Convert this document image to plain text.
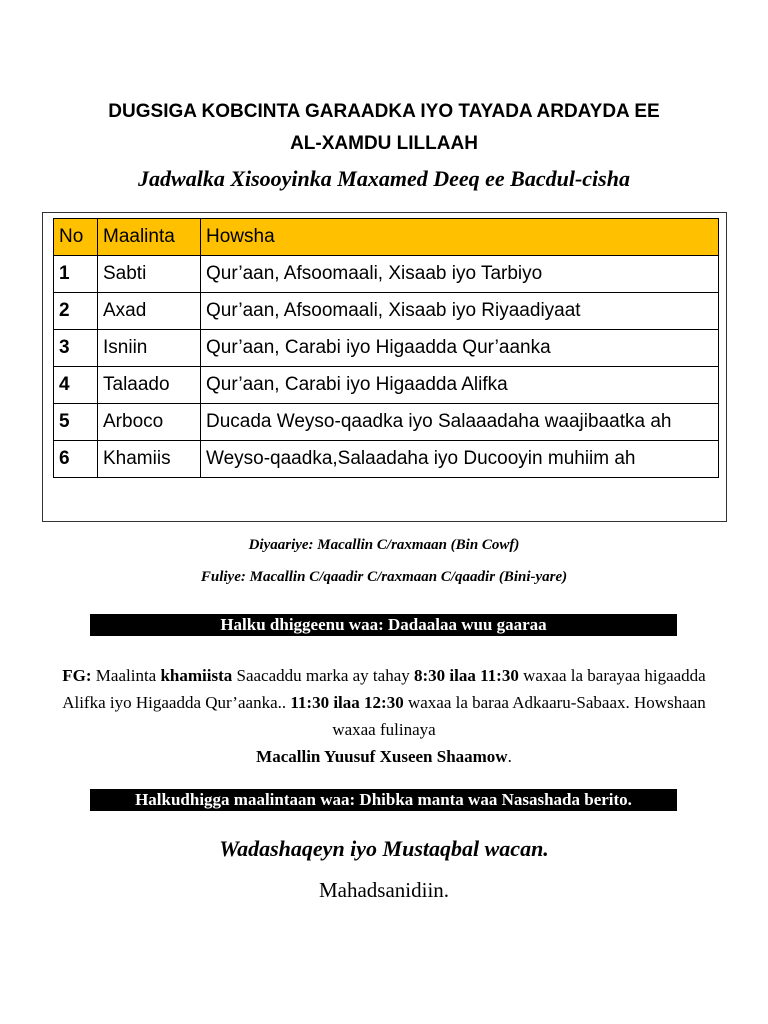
DUGSIGA KOBCINTA GARAADKA IYO TAYADA ARDAYDA EE
AL-XAMDU LILLAAH
Jadwalka Xisooyinka Maxamed Deeq ee Bacdul-cisha
No	Maalinta	Howsha
1	Sabti	Qur’aan, Afsoomaali, Xisaab iyo Tarbiyo
2	Axad	Qur’aan, Afsoomaali, Xisaab iyo Riyaadiyaat
3	Isniin	Qur’aan, Carabi iyo Higaadda Qur’aanka
4	Talaado	Qur’aan, Carabi iyo Higaadda Alifka
5	Arboco	Ducada Weyso-qaadka iyo Salaaadaha waajibaatka ah
6	Khamiis	Weyso-qaadka,Salaadaha iyo Ducooyin muhiim ah
Diyaariye: Macallin C/raxmaan (Bin Cowf)
Fuliye: Macallin C/qaadir C/raxmaan C/qaadir (Bini-yare)
Halku dhiggeenu waa: Dadaalaa wuu gaaraa
FG: Maalinta khamiista Saacaddu marka ay tahay 8:30 ilaa 11:30 waxaa la barayaa higaadda Alifka iyo Higaadda Qur’aanka.. 11:30 ilaa 12:30 waxaa la baraa Adkaaru-Sabaax. Howshaan waxaa fulinaya
Macallin Yuusuf Xuseen Shaamow.
Halkudhigga maalintaan waa: Dhibka manta waa Nasashada berito.
Wadashaqeyn iyo Mustaqbal wacan.
Mahadsanidiin.
